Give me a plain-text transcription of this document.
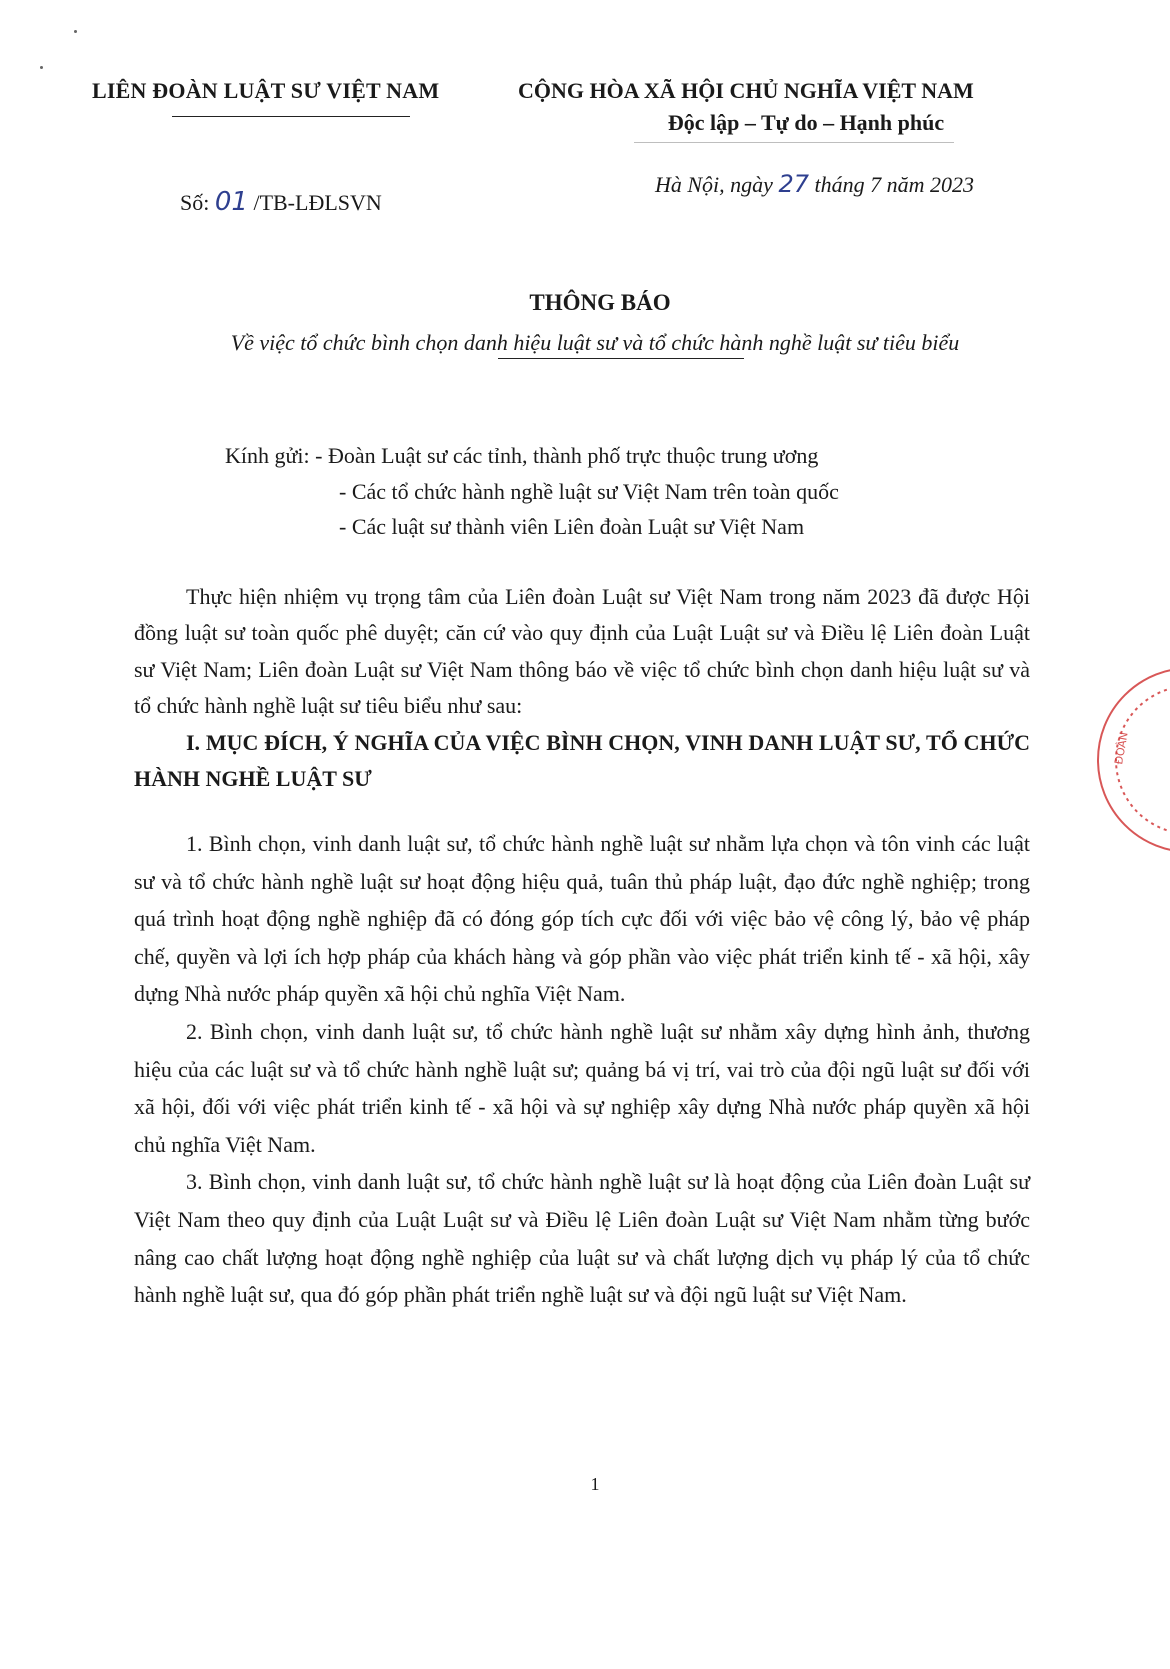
LIÊN ĐOÀN LUẬT SƯ VIỆT NAM	CỘNG HÒA XÃ HỘI CHỦ NGHĨA VIỆT NAM
Độc lập – Tự do – Hạnh phúc
Số: 01 /TB-LĐLSVN
Hà Nội, ngày 27 tháng 7 năm 2023
THÔNG BÁO
Về việc tổ chức bình chọn danh hiệu luật sư và tổ chức hành nghề luật sư tiêu biểu
Kính gửi: - Đoàn Luật sư các tỉnh, thành phố trực thuộc trung ương
- Các tổ chức hành nghề luật sư Việt Nam trên toàn quốc
- Các luật sư thành viên Liên đoàn Luật sư Việt Nam

Thực hiện nhiệm vụ trọng tâm của Liên đoàn Luật sư Việt Nam trong năm 2023 đã được Hội đồng luật sư toàn quốc phê duyệt; căn cứ vào quy định của Luật Luật sư và Điều lệ Liên đoàn Luật sư Việt Nam; Liên đoàn Luật sư Việt Nam thông báo về việc tổ chức bình chọn danh hiệu luật sư và tổ chức hành nghề luật sư tiêu biểu như sau:

I. MỤC ĐÍCH, Ý NGHĨA CỦA VIỆC BÌNH CHỌN, VINH DANH LUẬT SƯ, TỔ CHỨC HÀNH NGHỀ LUẬT SƯ

1. Bình chọn, vinh danh luật sư, tổ chức hành nghề luật sư nhằm lựa chọn và tôn vinh các luật sư và tổ chức hành nghề luật sư hoạt động hiệu quả, tuân thủ pháp luật, đạo đức nghề nghiệp; trong quá trình hoạt động nghề nghiệp đã có đóng góp tích cực đối với việc bảo vệ công lý, bảo vệ pháp chế, quyền và lợi ích hợp pháp của khách hàng và góp phần vào việc phát triển kinh tế - xã hội, xây dựng Nhà nước pháp quyền xã hội chủ nghĩa Việt Nam.

2. Bình chọn, vinh danh luật sư, tổ chức hành nghề luật sư nhằm xây dựng hình ảnh, thương hiệu của các luật sư và tổ chức hành nghề luật sư; quảng bá vị trí, vai trò của đội ngũ luật sư đối với xã hội, đối với việc phát triển kinh tế - xã hội và sự nghiệp xây dựng Nhà nước pháp quyền xã hội chủ nghĩa Việt Nam.

3. Bình chọn, vinh danh luật sư, tổ chức hành nghề luật sư là hoạt động của Liên đoàn Luật sư Việt Nam theo quy định của Luật Luật sư và Điều lệ Liên đoàn Luật sư Việt Nam nhằm từng bước nâng cao chất lượng hoạt động nghề nghiệp của luật sư và chất lượng dịch vụ pháp lý của tổ chức hành nghề luật sư, qua đó góp phần phát triển nghề luật sư và đội ngũ luật sư Việt Nam.

1
ĐOÀN
